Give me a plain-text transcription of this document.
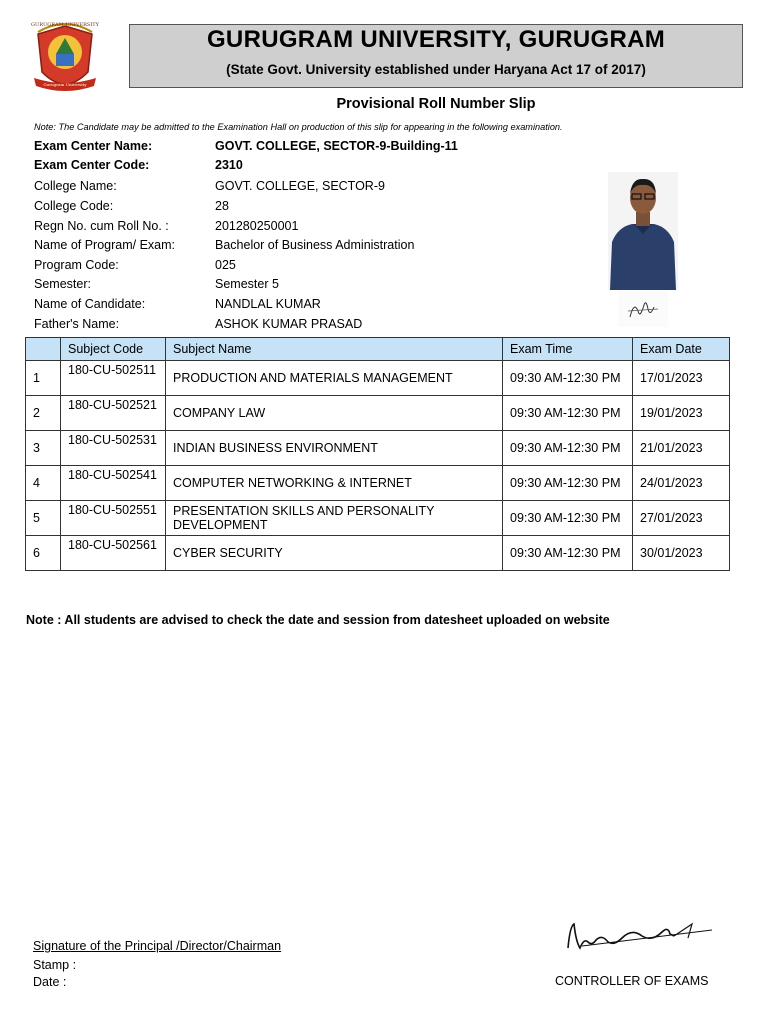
GURUGRAM UNIVERSITY
Gurugram University
GURUGRAM UNIVERSITY, GURUGRAM
(State Govt. University established under Haryana Act 17 of 2017)
Provisional Roll Number Slip
Note: The Candidate may be admitted to the Examination Hall on production of this slip for appearing in the following examination.
Exam Center Name:	GOVT. COLLEGE, SECTOR-9-Building-11
Exam Center Code:	2310
College Name:	GOVT. COLLEGE, SECTOR-9
College Code:	28
Regn No. cum Roll No. :	201280250001
Name of Program/ Exam:	Bachelor of Business Administration
Program Code:	025
Semester:	Semester 5
Name of Candidate:	NANDLAL KUMAR
Father's Name:	ASHOK KUMAR PRASAD
	Subject Code	Subject Name	Exam Time	Exam Date
1	180-CU-502511	PRODUCTION AND MATERIALS MANAGEMENT	09:30 AM-12:30 PM	17/01/2023
2	180-CU-502521	COMPANY LAW	09:30 AM-12:30 PM	19/01/2023
3	180-CU-502531	INDIAN BUSINESS ENVIRONMENT	09:30 AM-12:30 PM	21/01/2023
4	180-CU-502541	COMPUTER NETWORKING & INTERNET	09:30 AM-12:30 PM	24/01/2023
5	180-CU-502551	PRESENTATION SKILLS AND PERSONALITY DEVELOPMENT	09:30 AM-12:30 PM	27/01/2023
6	180-CU-502561	CYBER SECURITY	09:30 AM-12:30 PM	30/01/2023
Note : All students are advised to check the date and session from datesheet uploaded on website
Signature of the Principal /Director/Chairman
Stamp :
Date :	CONTROLLER OF EXAMS
